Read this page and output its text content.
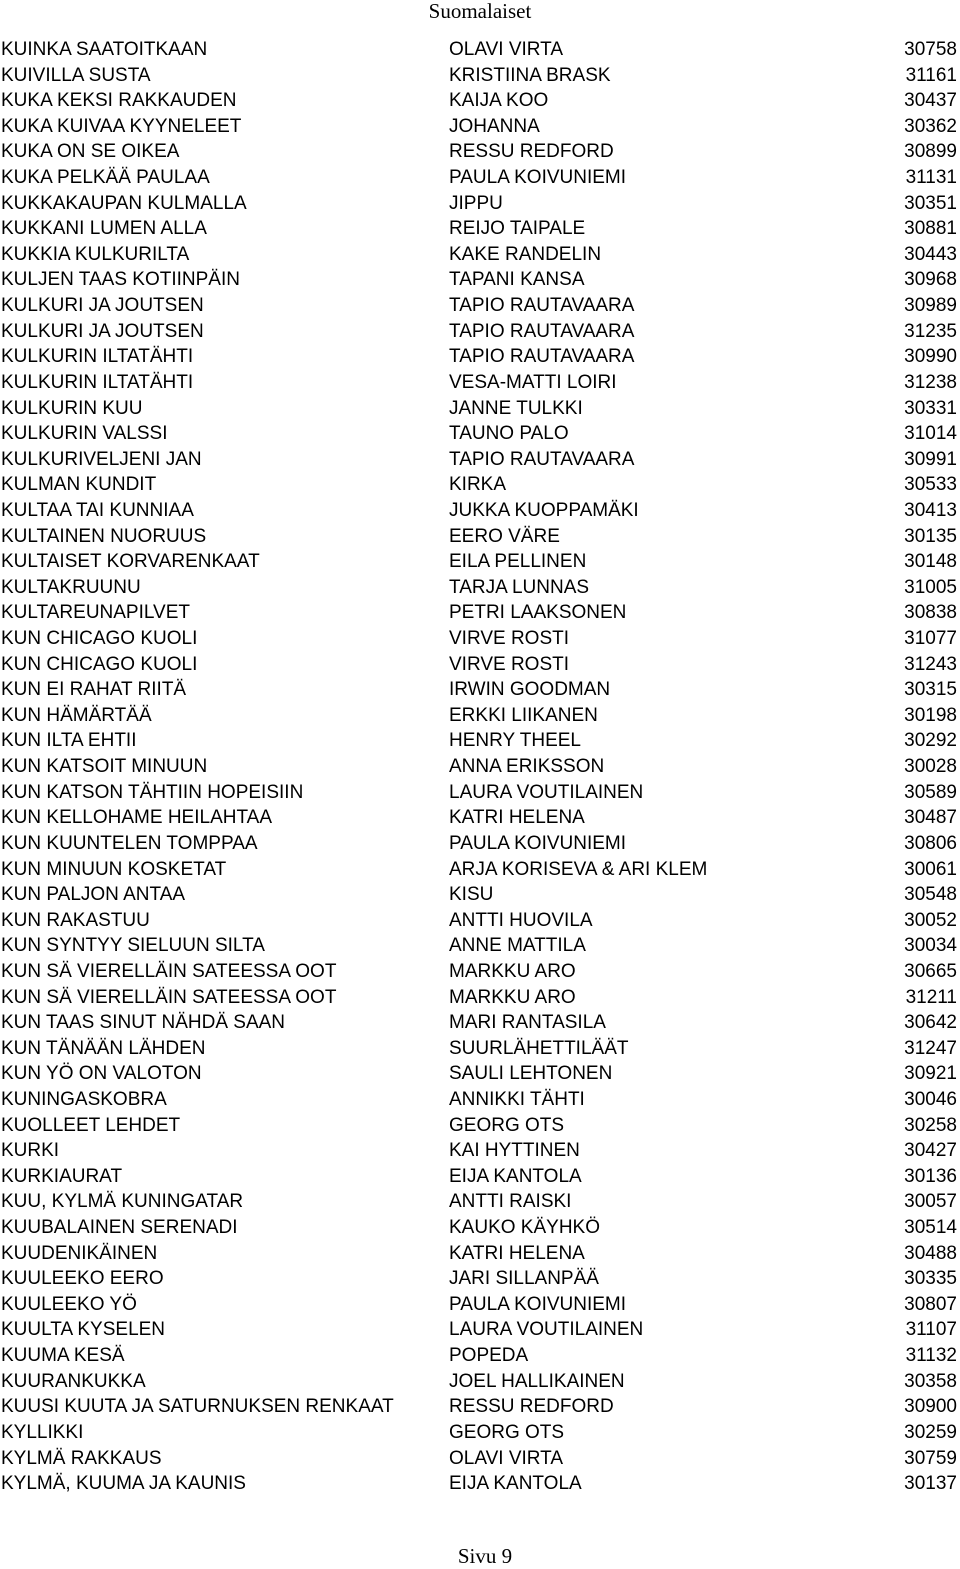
Suomalaiset
KUINKA SAATOITKAAN	OLAVI VIRTA	30758
KUIVILLA SUSTA	KRISTIINA BRASK	31161
KUKA KEKSI RAKKAUDEN	KAIJA KOO	30437
KUKA KUIVAA KYYNELEET	JOHANNA	30362
KUKA ON SE OIKEA	RESSU REDFORD	30899
KUKA PELKÄÄ PAULAA	PAULA KOIVUNIEMI	31131
KUKKAKAUPAN KULMALLA	JIPPU	30351
KUKKANI LUMEN ALLA	REIJO TAIPALE	30881
KUKKIA KULKURILTA	KAKE RANDELIN	30443
KULJEN TAAS KOTIINPÄIN	TAPANI KANSA	30968
KULKURI JA JOUTSEN	TAPIO RAUTAVAARA	30989
KULKURI JA JOUTSEN	TAPIO RAUTAVAARA	31235
KULKURIN ILTATÄHTI	TAPIO RAUTAVAARA	30990
KULKURIN ILTATÄHTI	VESA-MATTI LOIRI	31238
KULKURIN KUU	JANNE TULKKI	30331
KULKURIN VALSSI	TAUNO PALO	31014
KULKURIVELJENI JAN	TAPIO RAUTAVAARA	30991
KULMAN KUNDIT	KIRKA	30533
KULTAA TAI KUNNIAA	JUKKA KUOPPAMÄKI	30413
KULTAINEN NUORUUS	EERO VÄRE	30135
KULTAISET KORVARENKAAT	EILA PELLINEN	30148
KULTAKRUUNU	TARJA LUNNAS	31005
KULTAREUNAPILVET	PETRI LAAKSONEN	30838
KUN CHICAGO KUOLI	VIRVE ROSTI	31077
KUN CHICAGO KUOLI	VIRVE ROSTI	31243
KUN EI RAHAT RIITÄ	IRWIN GOODMAN	30315
KUN HÄMÄRTÄÄ	ERKKI LIIKANEN	30198
KUN ILTA EHTII	HENRY THEEL	30292
KUN KATSOIT MINUUN	ANNA ERIKSSON	30028
KUN KATSON TÄHTIIN HOPEISIIN	LAURA VOUTILAINEN	30589
KUN KELLOHAME HEILAHTAA	KATRI HELENA	30487
KUN KUUNTELEN TOMPPAA	PAULA KOIVUNIEMI	30806
KUN MINUUN KOSKETAT	ARJA KORISEVA & ARI KLEM	30061
KUN PALJON ANTAA	KISU	30548
KUN RAKASTUU	ANTTI HUOVILA	30052
KUN SYNTYY SIELUUN SILTA	ANNE MATTILA	30034
KUN SÄ VIERELLÄIN SATEESSA OOT	MARKKU ARO	30665
KUN SÄ VIERELLÄIN SATEESSA OOT	MARKKU ARO	31211
KUN TAAS SINUT NÄHDÄ SAAN	MARI RANTASILA	30642
KUN TÄNÄÄN LÄHDEN	SUURLÄHETTILÄÄT	31247
KUN YÖ ON VALOTON	SAULI LEHTONEN	30921
KUNINGASKOBRA	ANNIKKI TÄHTI	30046
KUOLLEET LEHDET	GEORG OTS	30258
KURKI	KAI HYTTINEN	30427
KURKIAURAT	EIJA KANTOLA	30136
KUU, KYLMÄ KUNINGATAR	ANTTI RAISKI	30057
KUUBALAINEN SERENADI	KAUKO KÄYHKÖ	30514
KUUDENIKÄINEN	KATRI HELENA	30488
KUULEEKO EERO	JARI SILLANPÄÄ	30335
KUULEEKO YÖ	PAULA KOIVUNIEMI	30807
KUULTA KYSELEN	LAURA VOUTILAINEN	31107
KUUMA KESÄ	POPEDA	31132
KUURANKUKKA	JOEL HALLIKAINEN	30358
KUUSI KUUTA JA SATURNUKSEN RENKAAT	RESSU REDFORD	30900
KYLLIKKI	GEORG OTS	30259
KYLMÄ RAKKAUS	OLAVI VIRTA	30759
KYLMÄ, KUUMA JA KAUNIS	EIJA KANTOLA	30137
Sivu 9
